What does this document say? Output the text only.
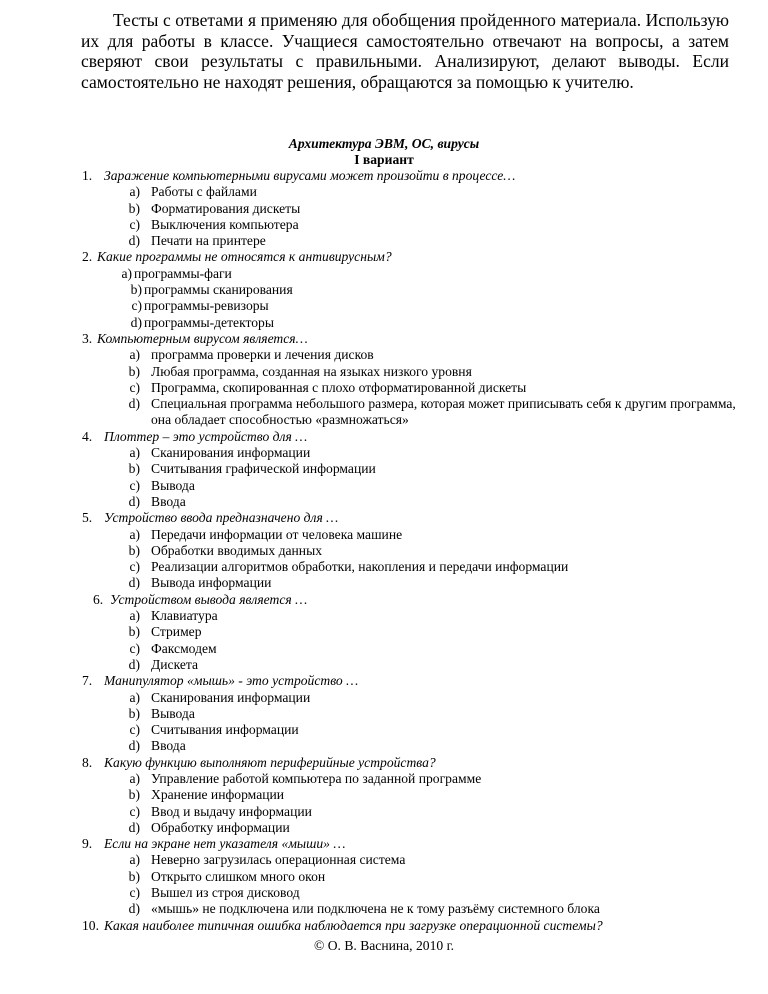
Тесты с ответами я применяю для обобщения пройденного материала. Использую их для работы в классе. Учащиеся самостоятельно отвечают на вопросы, а затем сверяют свои результаты с правильными. Анализируют, делают выводы. Если самостоятельно не находят решения, обращаются за помощью к учителю.
Архитектура ЭВМ, ОС, вирусы
I вариант
1. Заражение компьютерными вирусами может произойти в процессе…
a) Работы с файлами
b) Форматирования дискеты
c) Выключения компьютера
d) Печати на принтере
2. Какие программы не относятся к антивирусным?
a) программы-фаги
b) программы сканирования
c) программы-ревизоры
d) программы-детекторы
3. Компьютерным вирусом является…
a) программа проверки и лечения дисков
b) Любая программа, созданная на языках низкого уровня
c) Программа, скопированная с плохо отформатированной дискеты
d) Специальная программа небольшого размера, которая может приписывать себя к другим программа, она обладает способностью «размножаться»
4. Плоттер – это устройство для …
a) Сканирования информации
b) Считывания графической информации
c) Вывода
d) Ввода
5. Устройство ввода предназначено для …
a) Передачи информации от человека машине
b) Обработки вводимых данных
c) Реализации алгоритмов обработки, накопления и передачи информации
d) Вывода информации
6. Устройством вывода является …
a) Клавиатура
b) Стример
c) Факсмодем
d) Дискета
7. Манипулятор «мышь» - это устройство …
a) Сканирования информации
b) Вывода
c) Считывания информации
d) Ввода
8. Какую функцию выполняют периферийные устройства?
a) Управление работой компьютера по заданной программе
b) Хранение информации
c) Ввод и выдачу информации
d) Обработку информации
9. Если на экране нет указателя «мыши» …
a) Неверно загрузилась операционная система
b) Открыто слишком много окон
c) Вышел из строя дисковод
d) «мышь» не подключена или подключена не к тому разъёму системного блока
10. Какая наиболее типичная ошибка наблюдается при загрузке операционной системы?
© О. В. Васнина, 2010 г.
